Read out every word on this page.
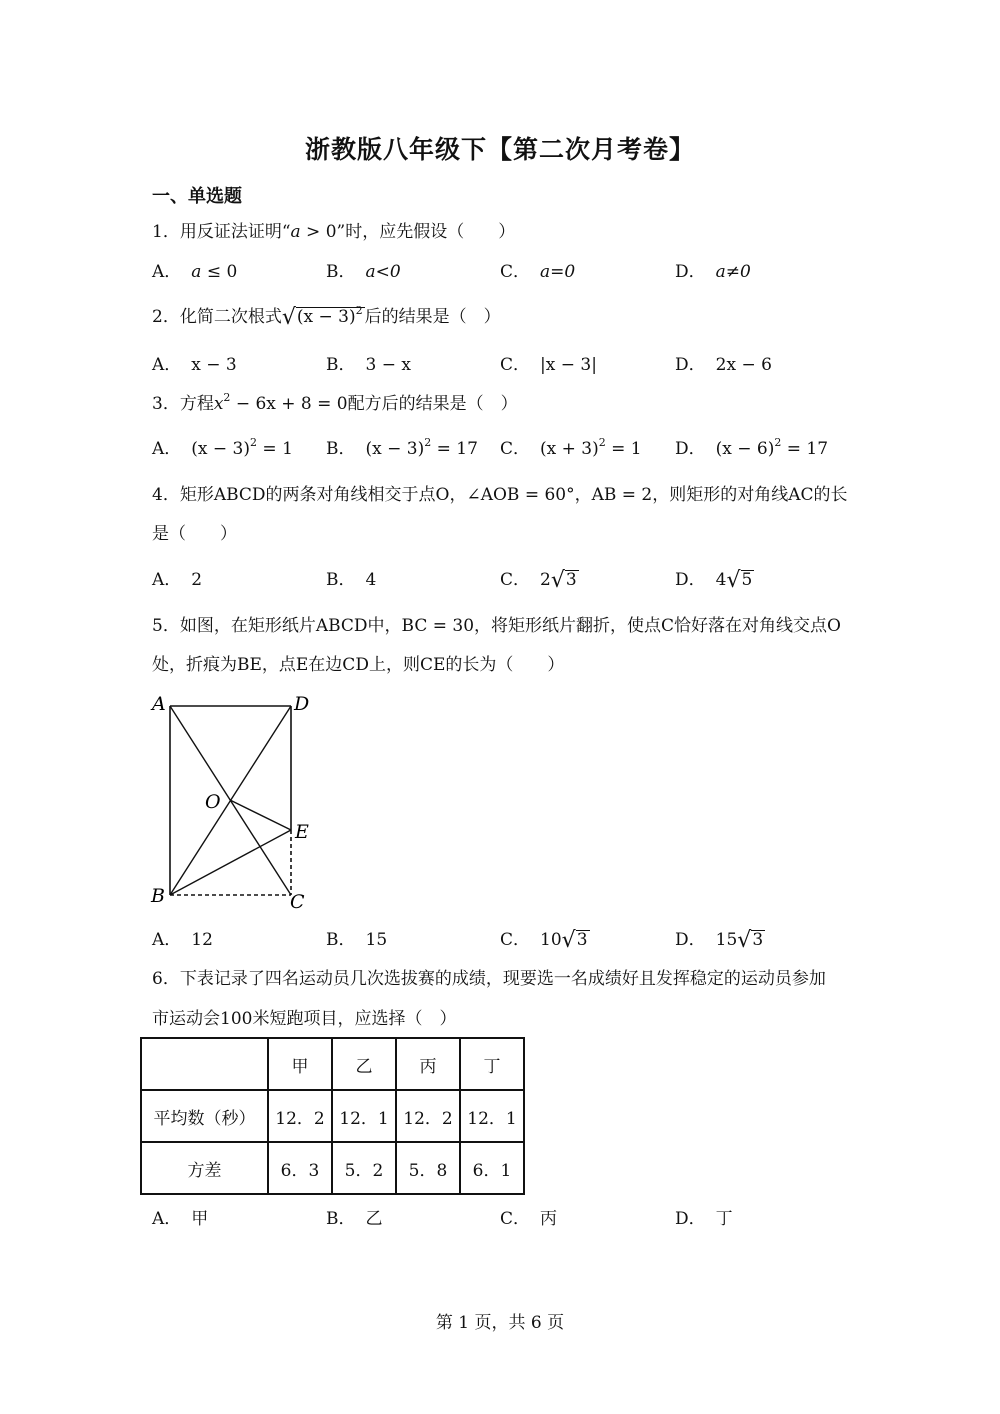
浙教版八年级下【第二次月考卷】
一、单选题
1．用反证法证明“a > 0”时，应先假设（　　）
A． a ≤ 0	B． a<0	C． a=0	D． a≠0
2．化简二次根式$√(x - 3)^2$ 后的结果是（　）
A． x − 3	B． 3 − x	C． |x − 3|	D． 2x − 6
3．方程$x^2 - 6x + 8 = 0$配方后的结果是（　）
A． $(x - 3)^2 = 1$ B． $(x - 3)^2 = 17$ C． $(x + 3)^2 = 1$ D． $(x - 6)^2 = 17$
4．矩形ABCD的两条对角线相交于点O，∠AOB = 60°，AB = 2，则矩形的对角线AC的长
是（　　）
A． 2	B． 4	C． 2√3	D． 4√5
5．如图，在矩形纸片ABCD中，BC = 30，将矩形纸片翻折，使点C恰好落在对角线交点O
处，折痕为BE，点E在边CD上，则CE的长为（　　）
A	D
O
E
B	C
A． 12	B． 15	C． 10√3	D． 15√3
6．下表记录了四名运动员几次选拔赛的成绩，现要选一名成绩好且发挥稳定的运动员参加
市运动会100米短跑项目，应选择（　）
	甲	乙	丙	丁
平均数（秒）	12．2	12．1	12．2	12．1
方差	6．3	5．2	5．8	6．1
A． 甲	B． 乙	C． 丙	D． 丁
第 1 页，共 6 页
